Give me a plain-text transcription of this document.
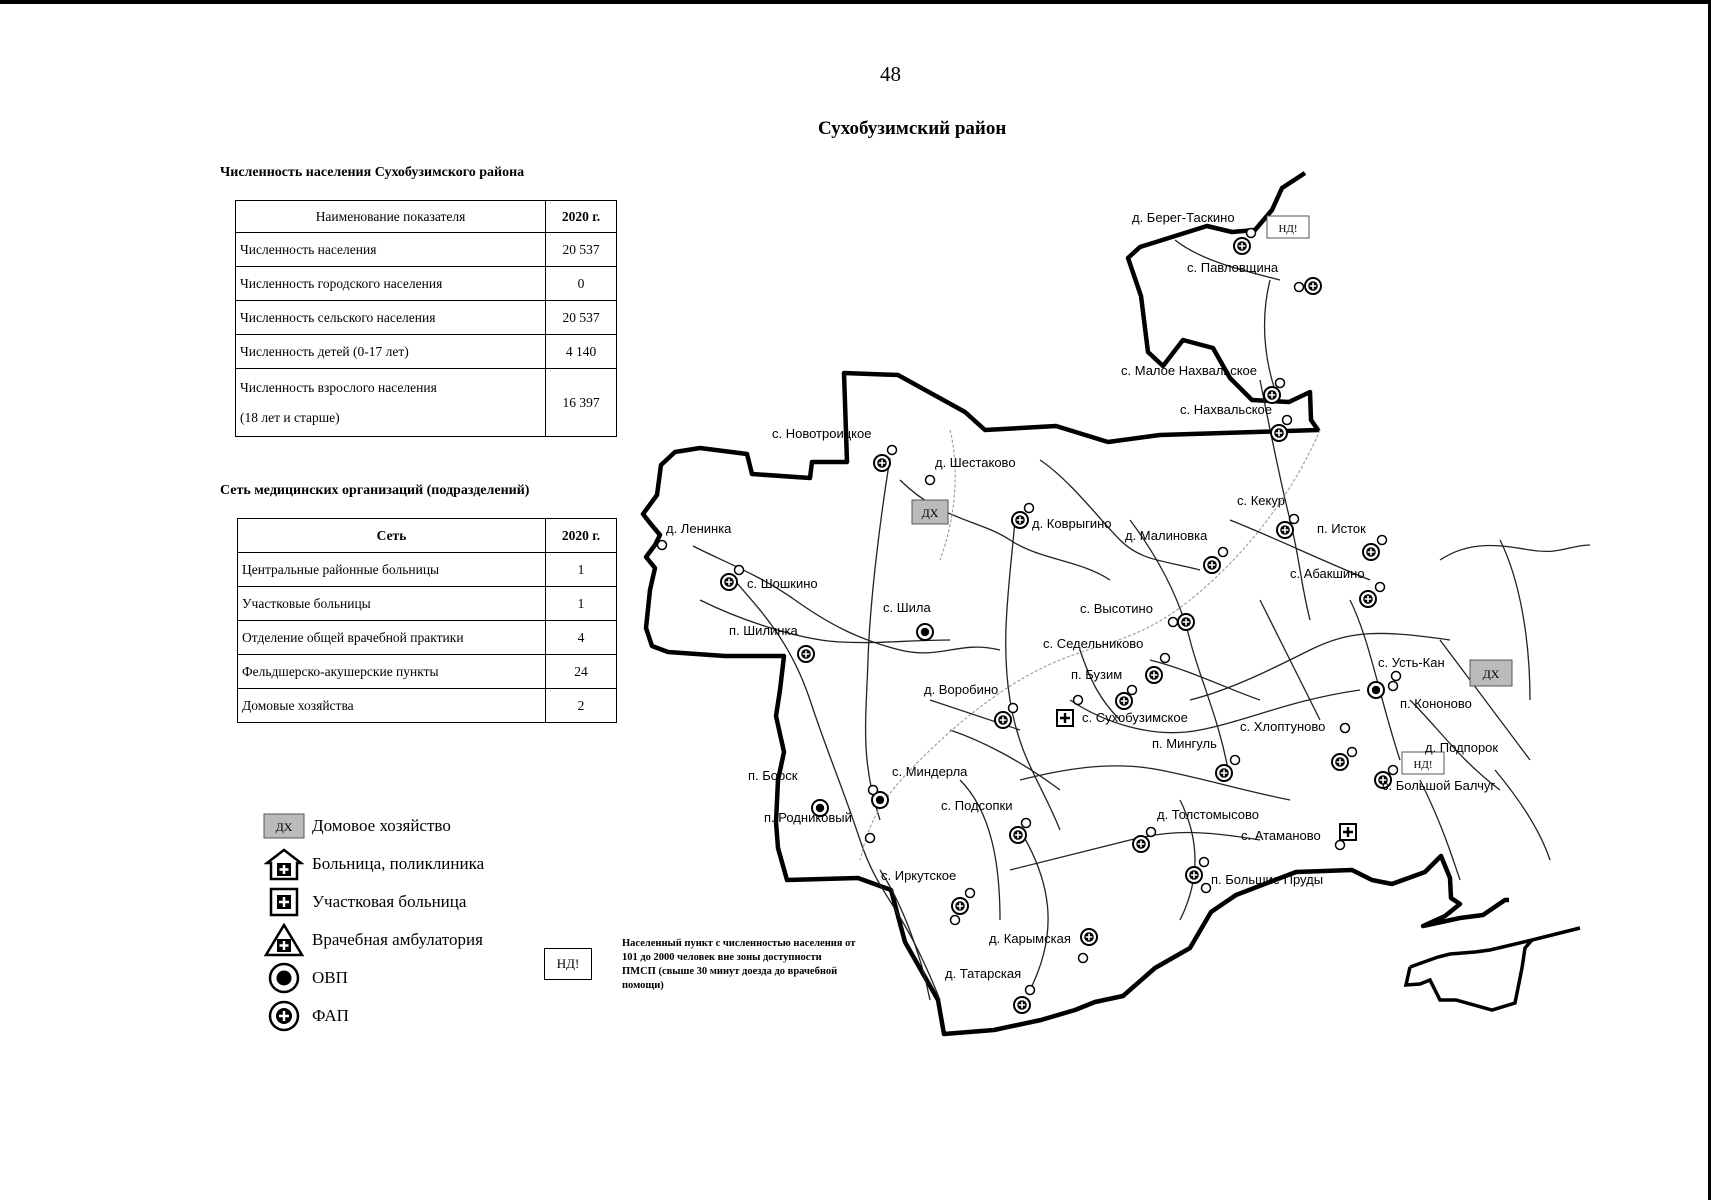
48
Сухобузимский район
Численность населения Сухобузимского района
Наименование показателя	2020 г.
Численность населения	20 537
Численность городского населения	0
Численность сельского населения	20 537
Численность детей (0-17 лет)	4 140

Численность взрослого населения
(18 лет и старше)	16 397
Сеть медицинских организаций (подразделений)
Сеть	2020 г.
Центральные районные больницы	1
Участковые больницы	1
Отделение общей врачебной практики	4
Фельдшерско-акушерские пункты	24
Домовые хозяйства	2
ДХ Домовое хозяйство
Больница, поликлиника
Участковая больница
Врачебная амбулатория
ОВП
ФАП
НД!
Населенный пункт с численностью населения от 101 до 2000 человек вне зоны доступности ПМСП (свыше 30 минут доезда до врачебной помощи)
ДХ
ДХ
НД!
НД!
д. Берег-Таскино
с. Павловщина
с. Малое Нахвальское
с. Нахвальское
с. Новотроицкое
д. Шестаково
д. Ленинка	д. Коврыгино
д. Малиновка
с. Кекур
п. Исток
с. Шошкино
с. Шила
с. Абакшино
п. Шилинка
с. Высотино
с. Седельниково
п. Бузим
с. Усть-Кан
д. Воробино
с. Сухобузимское
п. Кононово
с. Хлоптуново
п. Мингуль	д. Подпорок
с. Большой Балчуг
п. Борск	с. Миндерла
п. Родниковый
с. Подсопки
д. Толстомысово
с. Атаманово
с. Иркутское	п. Большие Пруды
д. Карымская
д. Татарская
